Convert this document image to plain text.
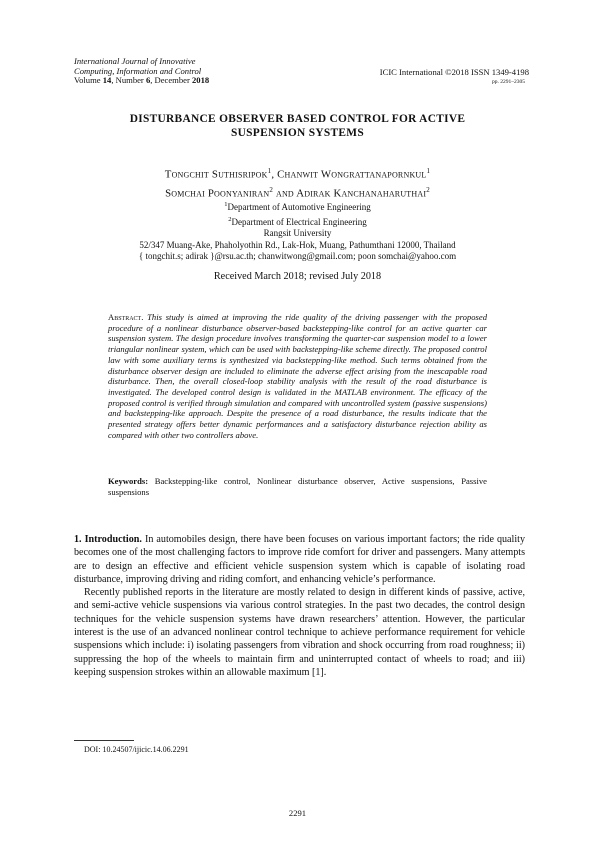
International Journal of Innovative
Computing, Information and Control
Volume 14, Number 6, December 2018
ICIC International ©2018 ISSN 1349-4198
pp. 2291–2305
DISTURBANCE OBSERVER BASED CONTROL FOR ACTIVE
SUSPENSION SYSTEMS
Tongchit Suthisripok$^1$, Chanwit Wongrattanapornkul$^1$
Somchai Poonyaniran$^2$ and Adirak Kanchanaharuthai$^2$
$^1$Department of Automotive Engineering
$^2$Department of Electrical Engineering
Rangsit University
52/347 Muang-Ake, Phaholyothin Rd., Lak-Hok, Muang, Pathumthani 12000, Thailand
{ tongchit.s; adirak }@rsu.ac.th; chanwitwong@gmail.com; poon somchai@yahoo.com
Received March 2018; revised July 2018
Abstract. This study is aimed at improving the ride quality of the driving passenger with the proposed procedure of a nonlinear disturbance observer-based backstepping-like control for an active quarter car suspension system. The design procedure involves transforming the quarter-car suspension model to a lower triangular nonlinear system, which can be used with backstepping-like scheme directly. The proposed control law with some auxiliary terms is synthesized via backstepping-like method. Such terms obtained from the disturbance observer design are included to eliminate the adverse effect arising from the inescapable road disturbance. Then, the overall closed-loop stability analysis with the result of the road disturbance is investigated. The developed control design is validated in the MATLAB environment. The efficacy of the proposed control is verified through simulation and compared with uncontrolled system (passive suspensions) and backstepping-like approach. Despite the presence of a road disturbance, the results indicate that the presented strategy offers better dynamic performances and a satisfactory disturbance rejection ability as compared with other two controllers above.
Keywords: Backstepping-like control, Nonlinear disturbance observer, Active suspensions, Passive suspensions

1. Introduction. In automobiles design, there have been focuses on various important factors; the ride quality becomes one of the most challenging factors to improve ride comfort for driver and passengers. Many attempts are to design an effective and efficient vehicle suspension system which is capable of isolating road disturbance, improving driving and riding comfort, and enhancing vehicle’s performance.

Recently published reports in the literature are mostly related to design in different kinds of passive, active, and semi-active vehicle suspensions via various control strategies. In the past two decades, the control design techniques for the vehicle suspension systems have drawn researchers’ attention. However, the particular interest is the use of an advanced nonlinear control technique to achieve performance requirement for vehicle suspensions which include: i) isolating passengers from vibration and shock occurring from road roughness; ii) suppressing the hop of the wheels to maintain firm and uninterrupted contact of wheels to road; and iii) keeping suspension strokes within an allowable maximum [1].

DOI: 10.24507/ijicic.14.06.2291
2291
